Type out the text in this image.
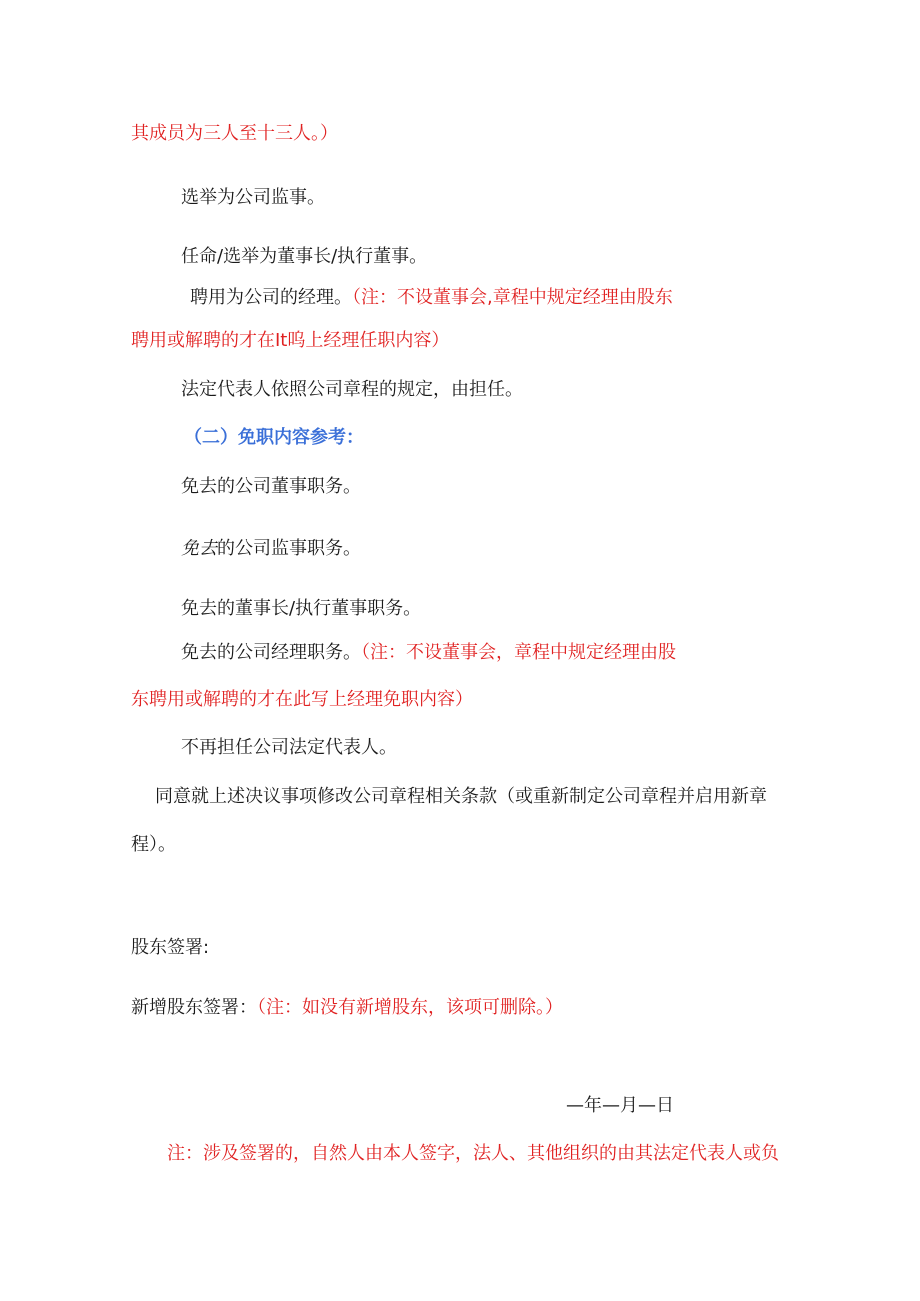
其成员为三人至十三人。）
选举为公司监事。
任命/选举为董事长/执行董事。
聘用为公司的经理。（注：不设董事会,章程中规定经理由股东
聘用或解聘的才在It呜上经理任职内容）
法定代表人依照公司章程的规定，由担任。
（二）免职内容参考：
免去的公司董事职务。
免去的公司监事职务。
免去的董事长/执行董事职务。
免去的公司经理职务。（注：不设董事会，章程中规定经理由股
东聘用或解聘的才在此写上经理免职内容）
不再担任公司法定代表人。
同意就上述决议事项修改公司章程相关条款（或重新制定公司章程并启用新章
程）。
股东签署:
新增股东签署：（注：如没有新增股东，该项可删除。）
—年—月—日
注：涉及签署的，自然人由本人签字，法人、其他组织的由其法定代表人或负
